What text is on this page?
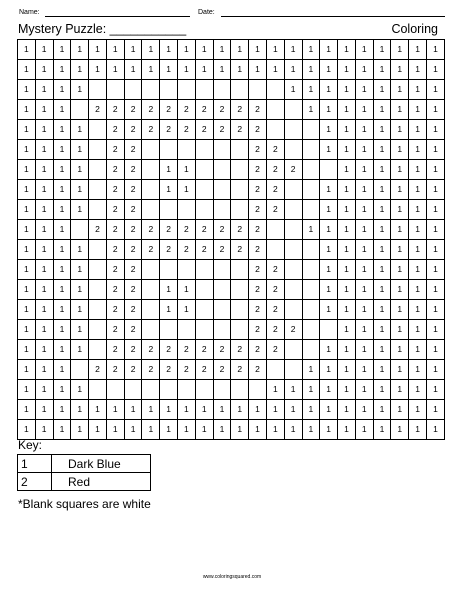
Name:	Date:
Mystery Puzzle: ___________	Coloring
1	1	1	1	1	1	1	1	1	1	1	1	1	1	1	1	1	1	1	1	1	1	1	1
1	1	1	1	1	1	1	1	1	1	1	1	1	1	1	1	1	1	1	1	1	1	1	1
1	1	1	1												1	1	1	1	1	1	1	1	1
1	1	1		2	2	2	2	2	2	2	2	2	2			1	1	1	1	1	1	1	1
1	1	1	1		2	2	2	2	2	2	2	2	2				1	1	1	1	1	1	1
1	1	1	1		2	2							2	2			1	1	1	1	1	1	1
1	1	1	1		2	2		1	1				2	2	2			1	1	1	1	1	1
1	1	1	1		2	2		1	1				2	2			1	1	1	1	1	1	1
1	1	1	1		2	2							2	2			1	1	1	1	1	1	1
1	1	1		2	2	2	2	2	2	2	2	2	2			1	1	1	1	1	1	1	1
1	1	1	1		2	2	2	2	2	2	2	2	2				1	1	1	1	1	1	1
1	1	1	1		2	2							2	2			1	1	1	1	1	1	1
1	1	1	1		2	2		1	1				2	2			1	1	1	1	1	1	1
1	1	1	1		2	2		1	1				2	2			1	1	1	1	1	1	1
1	1	1	1		2	2							2	2	2			1	1	1	1	1	1
1	1	1	1		2	2	2	2	2	2	2	2	2	2			1	1	1	1	1	1	1
1	1	1		2	2	2	2	2	2	2	2	2	2			1	1	1	1	1	1	1	1
1	1	1	1											1	1	1	1	1	1	1	1	1	1
1	1	1	1	1	1	1	1	1	1	1	1	1	1	1	1	1	1	1	1	1	1	1	1
1	1	1	1	1	1	1	1	1	1	1	1	1	1	1	1	1	1	1	1	1	1	1	1
Key:
1	Dark Blue
2	Red
*Blank squares are white
www.coloringsquared.com
